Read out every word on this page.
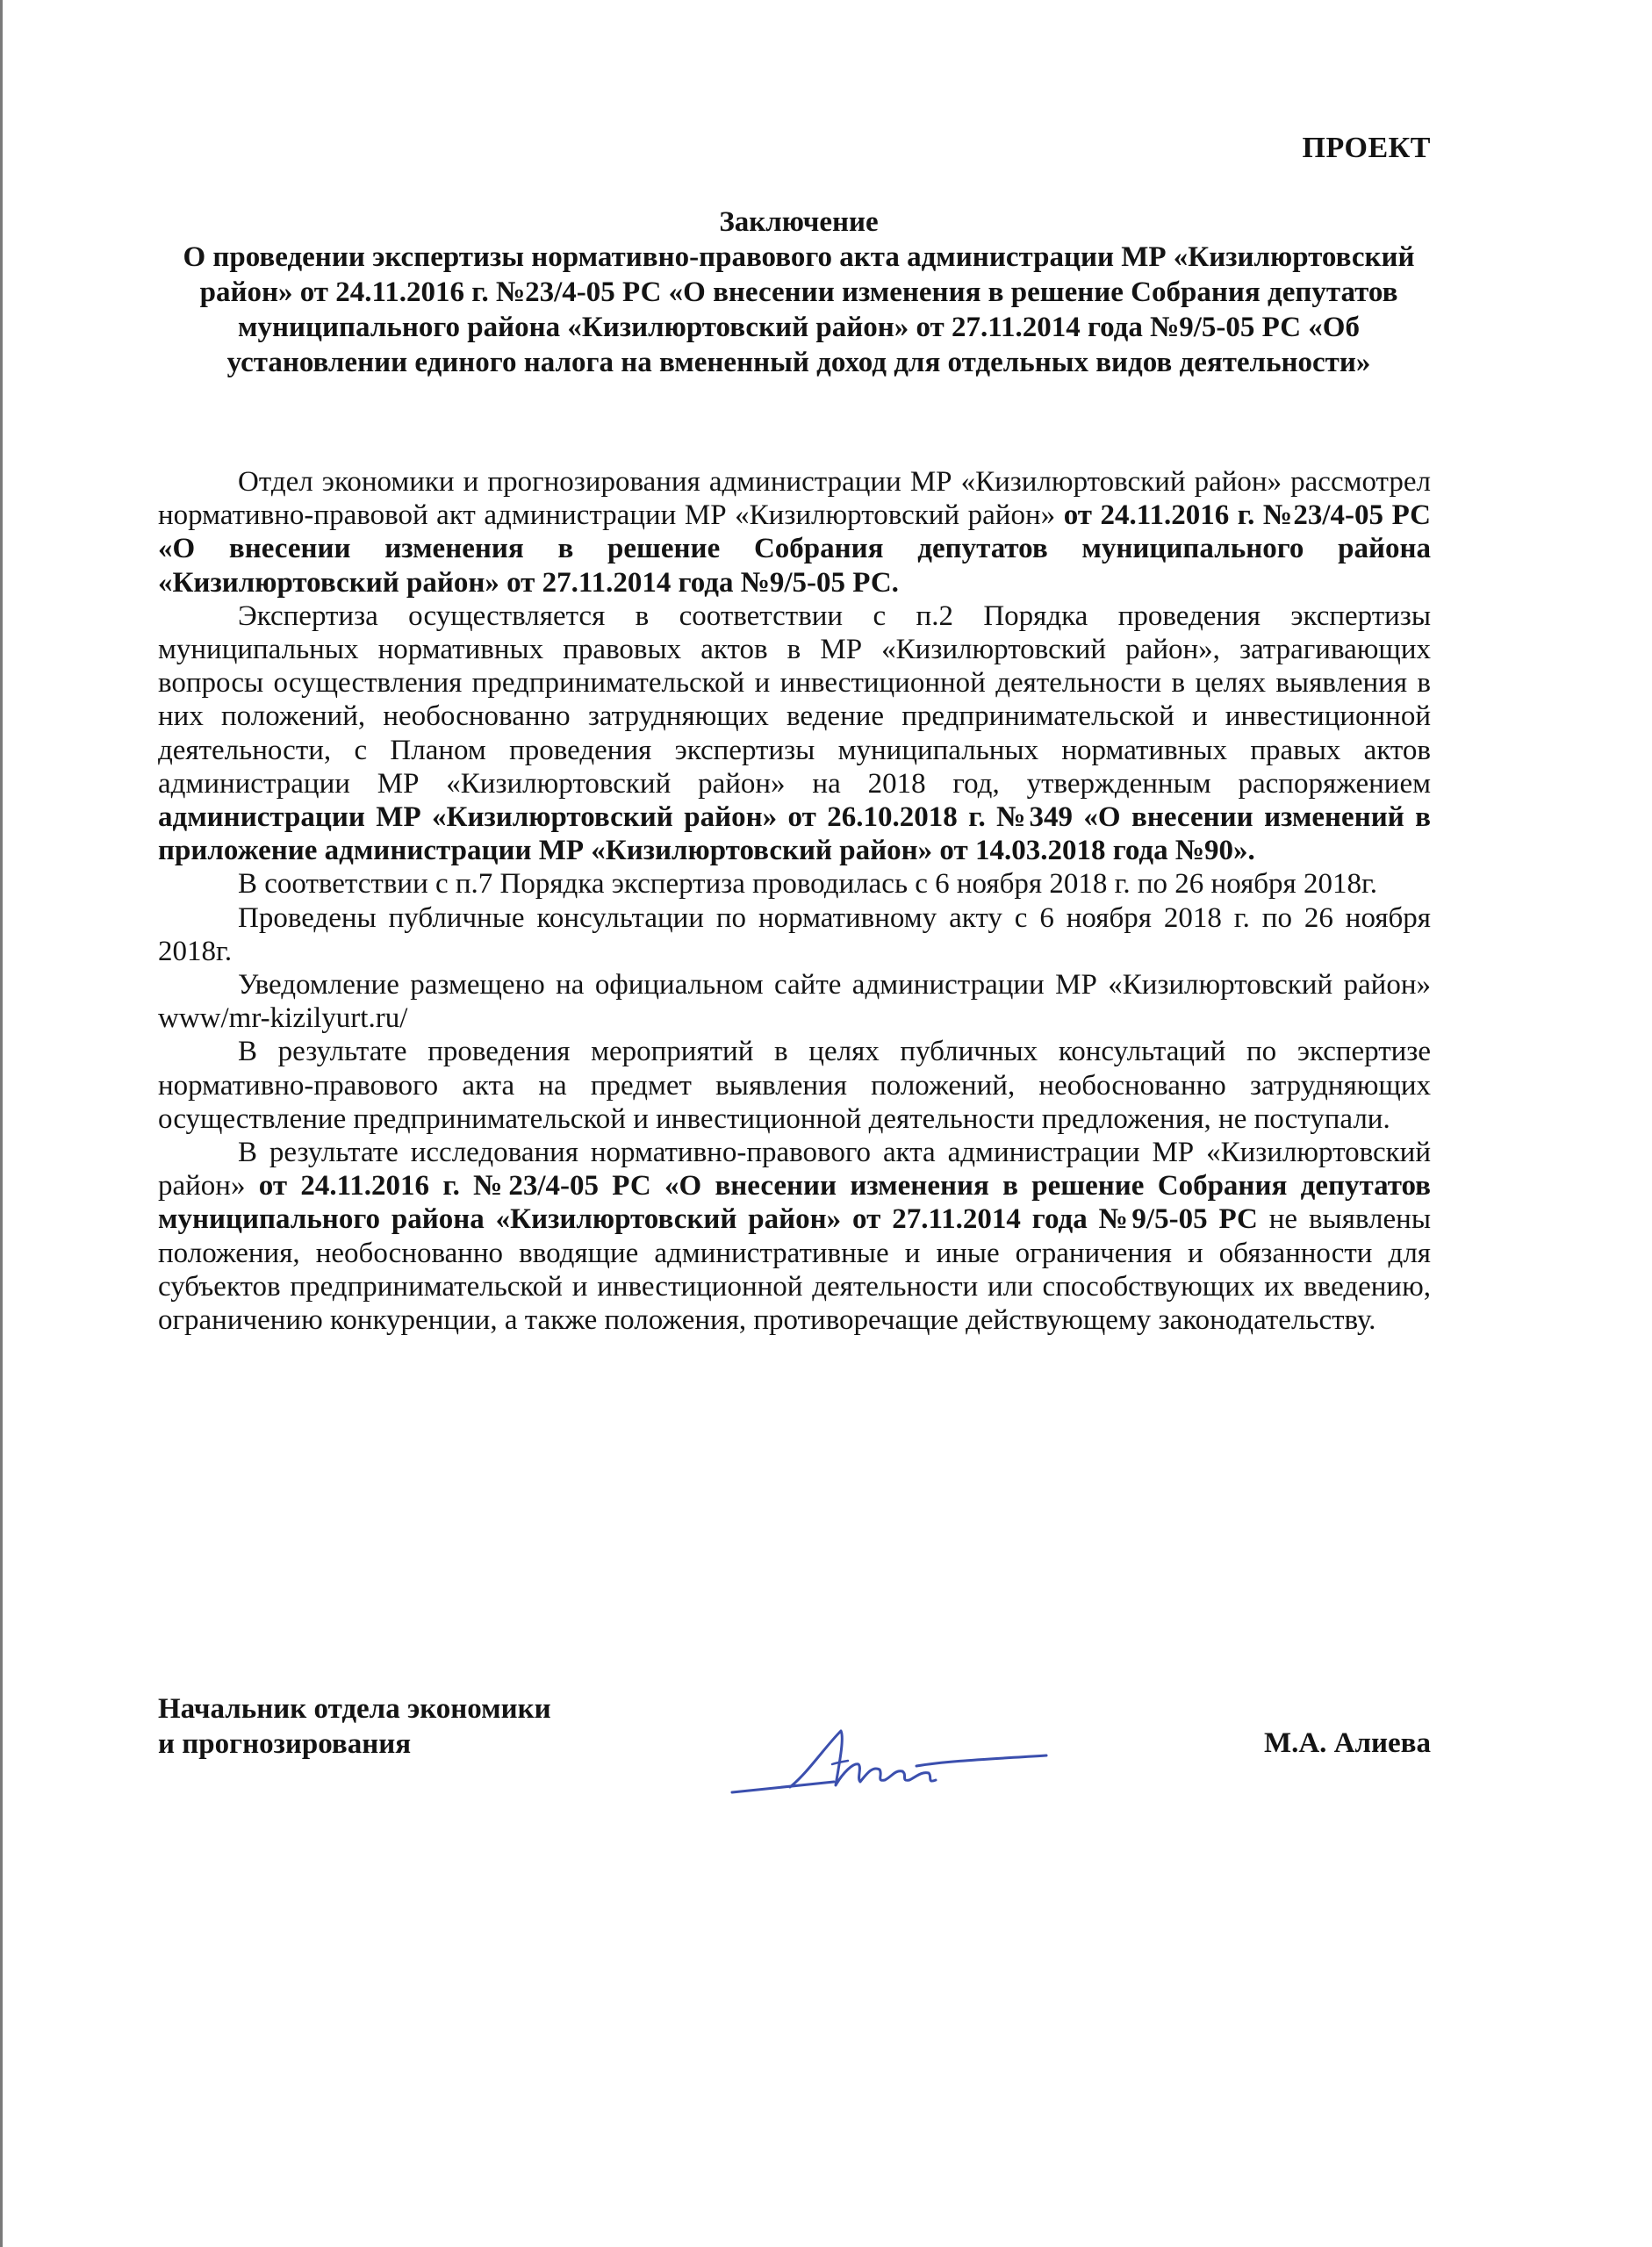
ПРОЕКТ
Заключение
О проведении экспертизы нормативно-правового акта администрации МР «Кизилюртовский район» от 24.11.2016 г. №23/4-05 РС «О внесении изменения в решение Собрания депутатов муниципального района «Кизилюртовский район» от 27.11.2014 года №9/5-05 РС «Об установлении единого налога на вмененный доход для отдельных видов деятельности»

Отдел экономики и прогнозирования администрации МР «Кизилюртовский район» рассмотрел нормативно-правовой акт администрации МР «Кизилюртовский район» от 24.11.2016 г. №23/4-05 РС «О внесении изменения в решение Собрания депутатов муниципального района «Кизилюртовский район» от 27.11.2014 года №9/5-05 РС.

Экспертиза осуществляется в соответствии с п.2 Порядка проведения экспертизы муниципальных нормативных правовых актов в МР «Кизилюртовский район», затрагивающих вопросы осуществления предпринимательской и инвестиционной деятельности в целях выявления в них положений, необоснованно затрудняющих ведение предпринимательской и инвестиционной деятельности, с Планом проведения экспертизы муниципальных нормативных правых актов администрации МР «Кизилюртовский район» на 2018 год, утвержденным распоряжением администрации МР «Кизилюртовский район» от 26.10.2018 г. №349 «О внесении изменений в приложение администрации МР «Кизилюртовский район» от 14.03.2018 года №90».

В соответствии с п.7 Порядка экспертиза проводилась с 6 ноября 2018 г. по 26 ноября 2018г.

Проведены публичные консультации по нормативному акту с 6 ноября 2018 г. по 26 ноября 2018г.

Уведомление размещено на официальном сайте администрации МР «Кизилюртовский район» www/mr-kizilyurt.ru/

В результате проведения мероприятий в целях публичных консультаций по экспертизе нормативно-правового акта на предмет выявления положений, необоснованно затрудняющих осуществление предпринимательской и инвестиционной деятельности предложения, не поступали.

В результате исследования нормативно-правового акта администрации МР «Кизилюртовский район» от 24.11.2016 г. №23/4-05 РС «О внесении изменения в решение Собрания депутатов муниципального района «Кизилюртовский район» от 27.11.2014 года №9/5-05 РС не выявлены положения, необоснованно вводящие административные и иные ограничения и обязанности для субъектов предпринимательской и инвестиционной деятельности или способствующих их введению, ограничению конкуренции, а также положения, противоречащие действующему законодательству.

Начальник отдела экономики
и прогнозирования	М.А. Алиева
